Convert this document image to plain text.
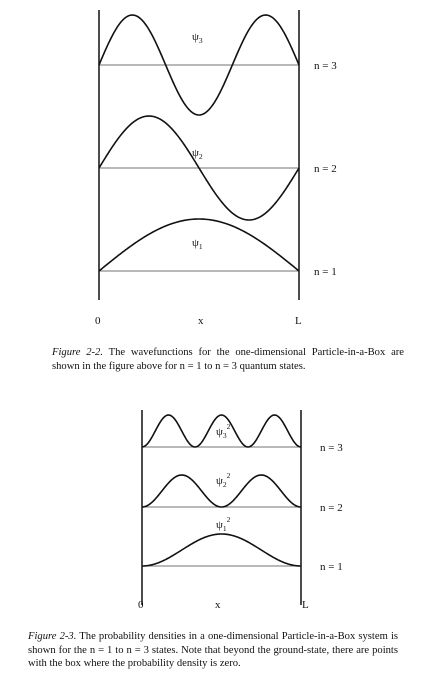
$\psi_3$
$\psi_2$
$\psi_1$
n = 3
n = 2
n = 1
0	x	L
$\psi_3^2$
$\psi_2^2$
$\psi_1^2$
n = 3
n = 2
n = 1
0	x	L
Figure 2-2. The wavefunctions for the one-dimensional Particle-in-a-Box are shown in the figure above for n = 1 to n = 3 quantum states.
Figure 2-3. The probability densities in a one-dimensional Particle-in-a-Box system is shown for the n = 1 to n = 3 states. Note that beyond the ground-state, there are points with the box where the probability density is zero.
